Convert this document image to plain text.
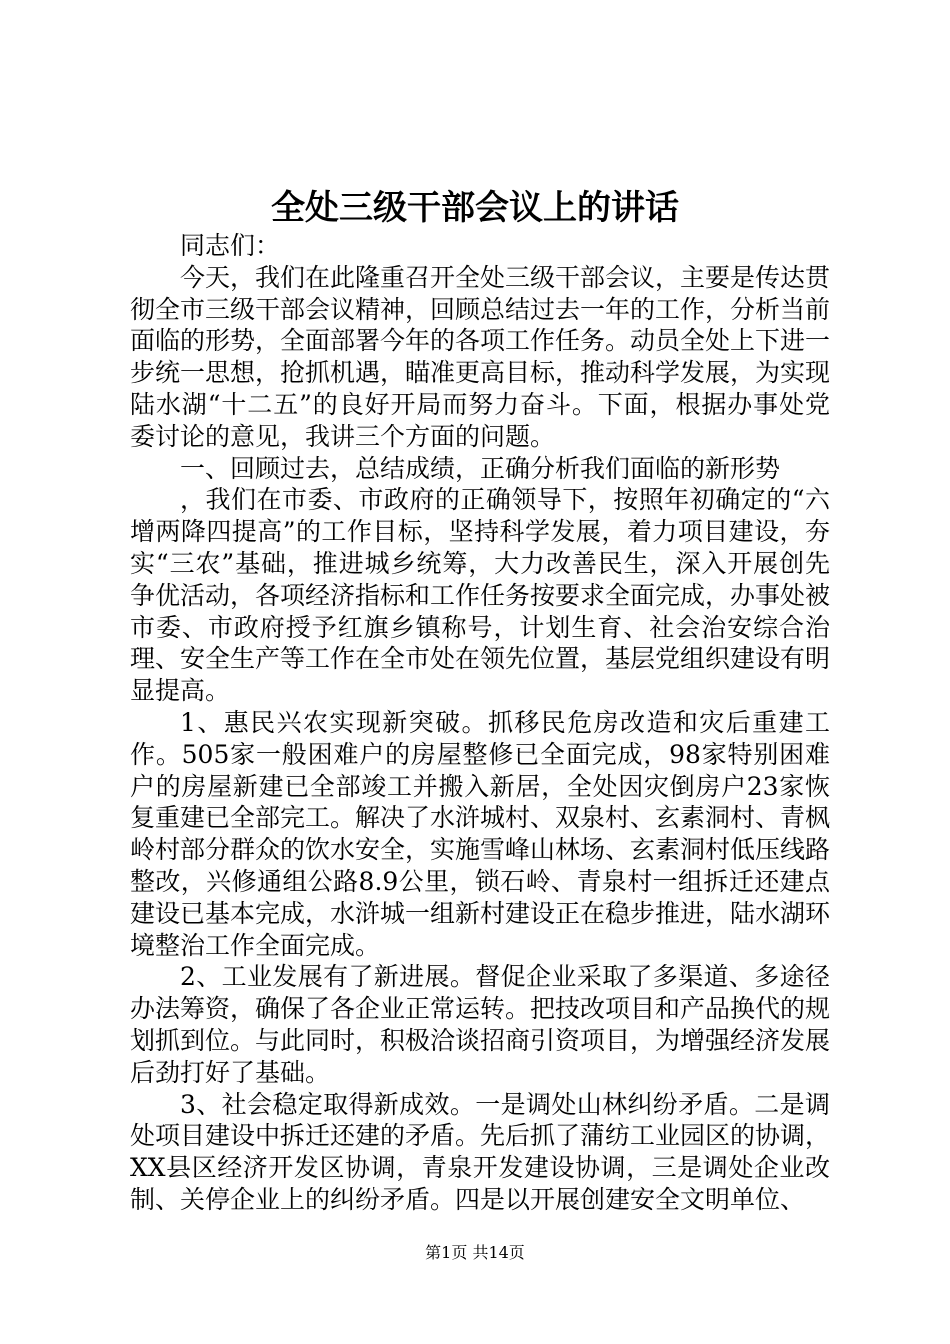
全处三级干部会议上的讲话

同志们：

今天，我们在此隆重召开全处三级干部会议，主要是传达贯彻全市三级干部会议精神，回顾总结过去一年的工作，分析当前面临的形势，全面部署今年的各项工作任务。动员全处上下进一步统一思想，抢抓机遇，瞄准更高目标，推动科学发展，为实现陆水湖“十二五”的良好开局而努力奋斗。下面，根据办事处党委讨论的意见，我讲三个方面的问题。

一、回顾过去，总结成绩，正确分析我们面临的新形势

，我们在市委、市政府的正确领导下，按照年初确定的“六增两降四提高”的工作目标，坚持科学发展，着力项目建设，夯实“三农”基础，推进城乡统筹，大力改善民生，深入开展创先争优活动，各项经济指标和工作任务按要求全面完成，办事处被市委、市政府授予红旗乡镇称号，计划生育、社会治安综合治理、安全生产等工作在全市处在领先位置，基层党组织建设有明显提高。

1、惠民兴农实现新突破。抓移民危房改造和灾后重建工作。505家一般困难户的房屋整修已全面完成，98家特别困难户的房屋新建已全部竣工并搬入新居，全处因灾倒房户23家恢复重建已全部完工。解决了水浒城村、双泉村、玄素洞村、青枫岭村部分群众的饮水安全，实施雪峰山林场、玄素洞村低压线路整改，兴修通组公路8.9公里，锁石岭、青泉村一组拆迁还建点建设已基本完成，水浒城一组新村建设正在稳步推进，陆水湖环境整治工作全面完成。

2、工业发展有了新进展。督促企业采取了多渠道、多途径办法筹资，确保了各企业正常运转。把技改项目和产品换代的规划抓到位。与此同时，积极洽谈招商引资项目，为增强经济发展后劲打好了基础。

3、社会稳定取得新成效。一是调处山林纠纷矛盾。二是调处项目建设中拆迁还建的矛盾。先后抓了蒲纺工业园区的协调，XX县区经济开发区协调，青泉开发建设协调，三是调处企业改制、关停企业上的纠纷矛盾。四是以开展创建安全文明单位、

第1页 共14页
